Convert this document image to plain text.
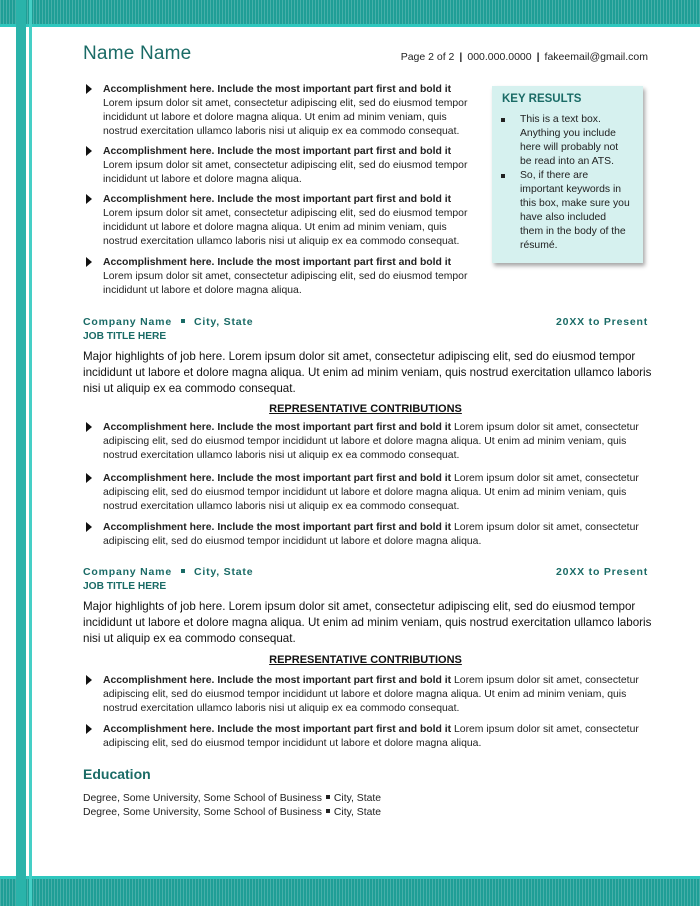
Name Name	Page 2 of 2 | 000.000.0000 | fakeemail@gmail.com
Accomplishment here. Include the most important part first and bold it Lorem ipsum dolor sit amet, consectetur adipiscing elit, sed do eiusmod tempor incididunt ut labore et dolore magna aliqua. Ut enim ad minim veniam, quis nostrud exercitation ullamco laboris nisi ut aliquip ex ea commodo consequat.
Accomplishment here. Include the most important part first and bold it Lorem ipsum dolor sit amet, consectetur adipiscing elit, sed do eiusmod tempor incididunt ut labore et dolore magna aliqua.
Accomplishment here. Include the most important part first and bold it Lorem ipsum dolor sit amet, consectetur adipiscing elit, sed do eiusmod tempor incididunt ut labore et dolore magna aliqua. Ut enim ad minim veniam, quis nostrud exercitation ullamco laboris nisi ut aliquip ex ea commodo consequat.
Accomplishment here. Include the most important part first and bold it Lorem ipsum dolor sit amet, consectetur adipiscing elit, sed do eiusmod tempor incididunt ut labore et dolore magna aliqua.
KEY RESULTS
This is a text box. Anything you include here will probably not be read into an ATS.
So, if there are important keywords in this box, make sure you have also included them in the body of the résumé.
Company Name City, State	20XX to Present
JOB TITLE HERE
Major highlights of job here. Lorem ipsum dolor sit amet, consectetur adipiscing elit, sed do eiusmod tempor incididunt ut labore et dolore magna aliqua. Ut enim ad minim veniam, quis nostrud exercitation ullamco laboris nisi ut aliquip ex ea commodo consequat.
REPRESENTATIVE CONTRIBUTIONS
Accomplishment here. Include the most important part first and bold it Lorem ipsum dolor sit amet, consectetur adipiscing elit, sed do eiusmod tempor incididunt ut labore et dolore magna aliqua. Ut enim ad minim veniam, quis nostrud exercitation ullamco laboris nisi ut aliquip ex ea commodo consequat.
Accomplishment here. Include the most important part first and bold it Lorem ipsum dolor sit amet, consectetur adipiscing elit, sed do eiusmod tempor incididunt ut labore et dolore magna aliqua. Ut enim ad minim veniam, quis nostrud exercitation ullamco laboris nisi ut aliquip ex ea commodo consequat.
Accomplishment here. Include the most important part first and bold it Lorem ipsum dolor sit amet, consectetur adipiscing elit, sed do eiusmod tempor incididunt ut labore et dolore magna aliqua.
Company Name City, State	20XX to Present
JOB TITLE HERE
Major highlights of job here. Lorem ipsum dolor sit amet, consectetur adipiscing elit, sed do eiusmod tempor incididunt ut labore et dolore magna aliqua. Ut enim ad minim veniam, quis nostrud exercitation ullamco laboris nisi ut aliquip ex ea commodo consequat.
REPRESENTATIVE CONTRIBUTIONS
Accomplishment here. Include the most important part first and bold it Lorem ipsum dolor sit amet, consectetur adipiscing elit, sed do eiusmod tempor incididunt ut labore et dolore magna aliqua. Ut enim ad minim veniam, quis nostrud exercitation ullamco laboris nisi ut aliquip ex ea commodo consequat.
Accomplishment here. Include the most important part first and bold it Lorem ipsum dolor sit amet, consectetur adipiscing elit, sed do eiusmod tempor incididunt ut labore et dolore magna aliqua.
Education
Degree, Some University, Some School of Business City, State
Degree, Some University, Some School of Business City, State
